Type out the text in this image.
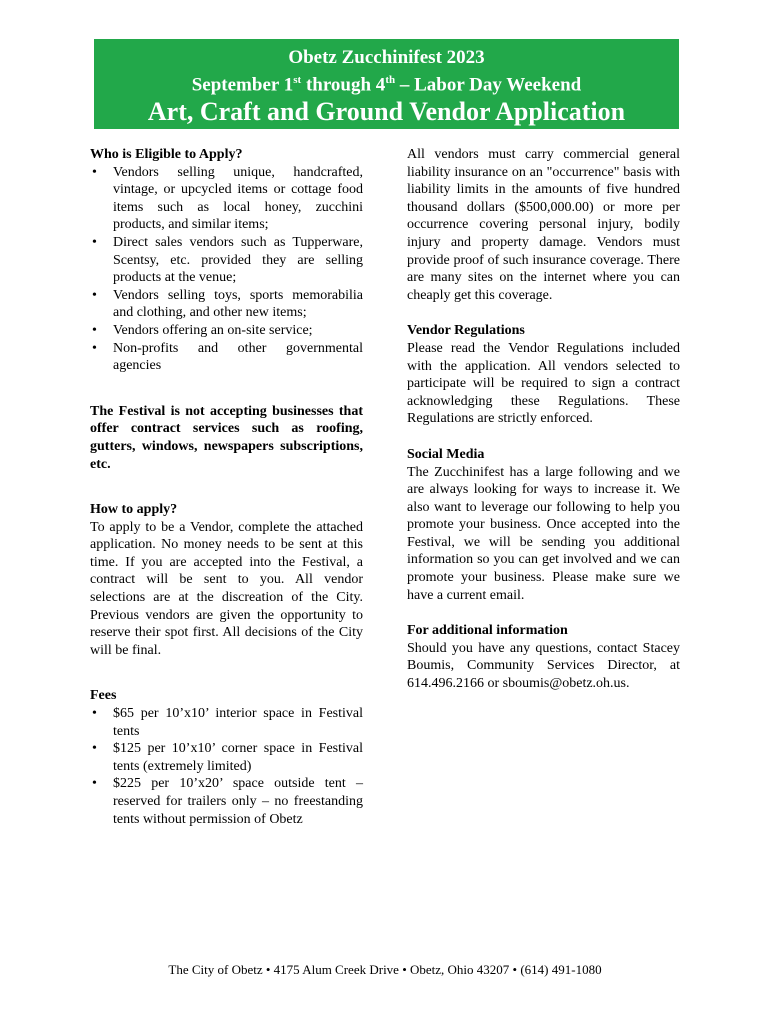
Obetz Zucchinifest 2023
September 1st through 4th – Labor Day Weekend
Art, Craft and Ground Vendor Application
Who is Eligible to Apply?
• Vendors selling unique, handcrafted, vintage, or upcycled items or cottage food items such as local honey, zucchini products, and similar items;
• Direct sales vendors such as Tupperware, Scentsy, etc. provided they are selling products at the venue;
• Vendors selling toys, sports memorabilia and clothing, and other new items;
• Vendors offering an on-site service;
• Non-profits and other governmental agencies

The Festival is not accepting businesses that offer contract services such as roofing, gutters, windows, newspapers subscriptions, etc.

How to apply?

To apply to be a Vendor, complete the attached application. No money needs to be sent at this time. If you are accepted into the Festival, a contract will be sent to you. All vendor selections are at the discreation of the City. Previous vendors are given the opportunity to reserve their spot first. All decisions of the City will be final.

Fees
• $65 per 10’x10’ interior space in Festival tents
• $125 per 10’x10’ corner space in Festival tents (extremely limited)
• $225 per 10’x20’ space outside tent – reserved for trailers only – no freestanding tents without permission of Obetz

All vendors must carry commercial general liability insurance on an "occurrence" basis with liability limits in the amounts of five hundred thousand dollars ($500,000.00) or more per occurrence covering personal injury, bodily injury and property damage. Vendors must provide proof of such insurance coverage. There are many sites on the internet where you can cheaply get this coverage.

Vendor Regulations

Please read the Vendor Regulations included with the application. All vendors selected to participate will be required to sign a contract acknowledging these Regulations. These Regulations are strictly enforced.

Social Media

The Zucchinifest has a large following and we are always looking for ways to increase it. We also want to leverage our following to help you promote your business. Once accepted into the Festival, we will be sending you additional information so you can get involved and we can promote your business. Please make sure we have a current email.

For additional information

Should you have any questions, contact Stacey Boumis, Community Services Director, at 614.496.2166 or sboumis@obetz.oh.us.

The City of Obetz • 4175 Alum Creek Drive • Obetz, Ohio 43207 • (614) 491-1080
